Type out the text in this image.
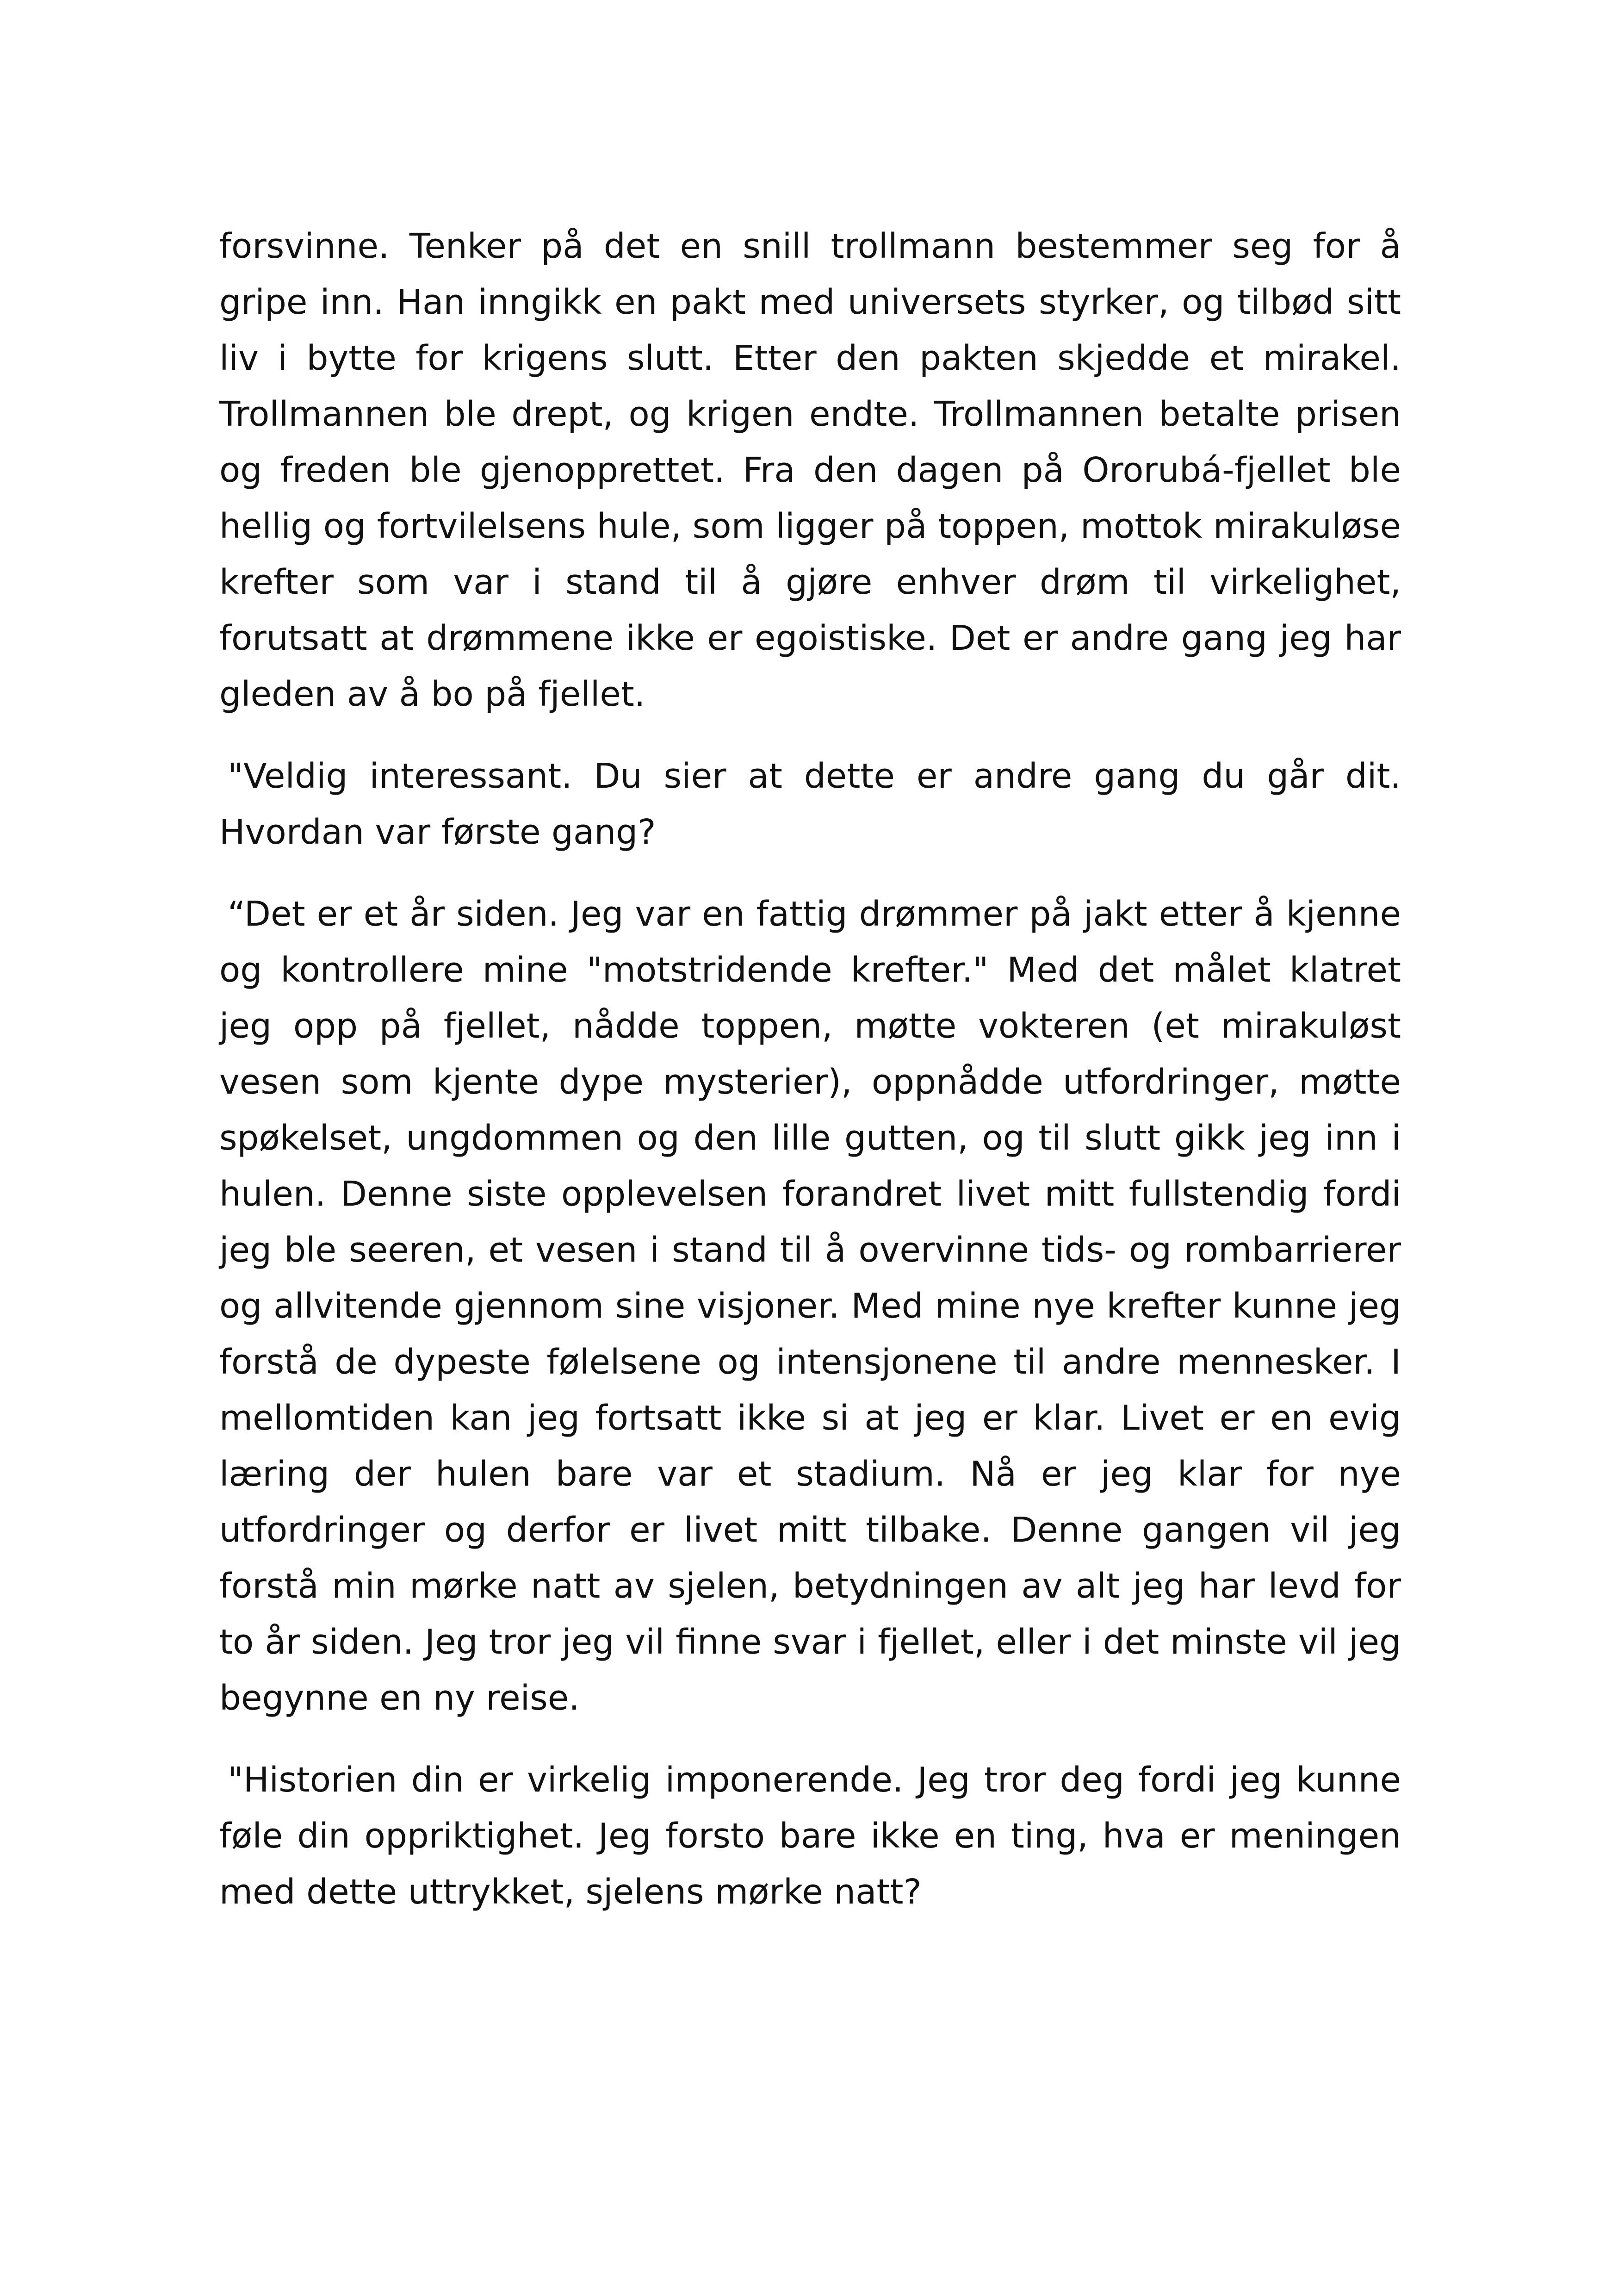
forsvinne. Tenker på det en snill trollmann bestemmer seg for å gripe inn. Han inngikk en pakt med universets styrker, og tilbød sitt liv i bytte for krigens slutt. Etter den pakten skjedde et mirakel. Trollmannen ble drept, og krigen endte. Trollmannen betalte prisen og freden ble gjenopprettet. Fra den dagen på Ororubá-fjellet ble hellig og fortvilelsens hule, som ligger på toppen, mottok mirakuløse krefter som var i stand til å gjøre enhver drøm til virkelighet, forutsatt at drømmene ikke er egoistiske. Det er andre gang jeg har gleden av å bo på fjellet.

"Veldig interessant. Du sier at dette er andre gang du går dit. Hvordan var første gang?

“Det er et år siden. Jeg var en fattig drømmer på jakt etter å kjenne og kontrollere mine "motstridende krefter." Med det målet klatret jeg opp på fjellet, nådde toppen, møtte vokteren (et mirakuløst vesen som kjente dype mysterier), oppnådde utfordringer, møtte spøkelset, ungdommen og den lille gutten, og til slutt gikk jeg inn i hulen. Denne siste opplevelsen forandret livet mitt fullstendig fordi jeg ble seeren, et vesen i stand til å overvinne tids- og rombarrierer og allvitende gjennom sine visjoner. Med mine nye krefter kunne jeg forstå de dypeste følelsene og intensjonene til andre mennesker. I mellomtiden kan jeg fortsatt ikke si at jeg er klar. Livet er en evig læring der hulen bare var et stadium. Nå er jeg klar for nye utfordringer og derfor er livet mitt tilbake. Denne gangen vil jeg forstå min mørke natt av sjelen, betydningen av alt jeg har levd for to år siden. Jeg tror jeg vil finne svar i fjellet, eller i det minste vil jeg begynne en ny reise.

"Historien din er virkelig imponerende. Jeg tror deg fordi jeg kunne føle din oppriktighet. Jeg forsto bare ikke en ting, hva er meningen med dette uttrykket, sjelens mørke natt?
